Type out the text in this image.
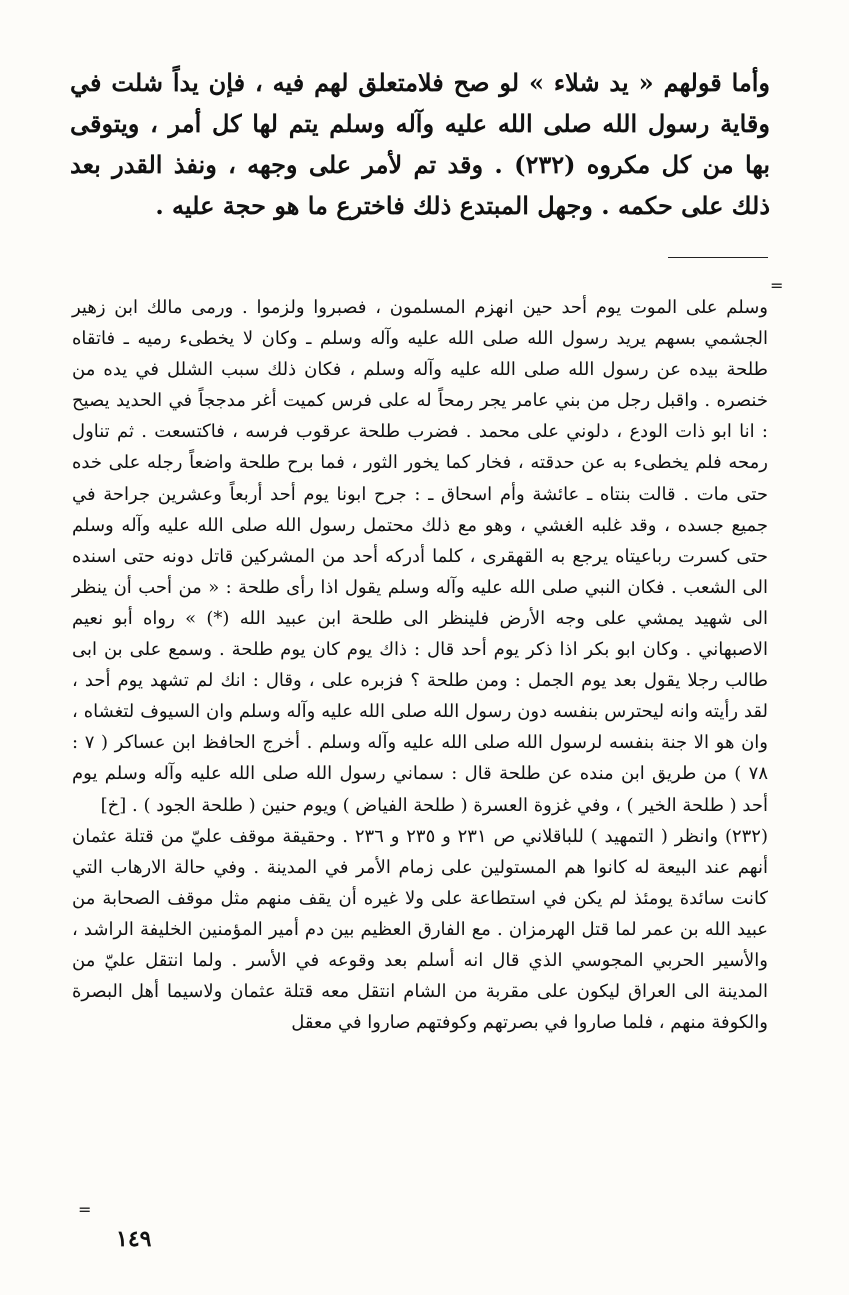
وأما قولهم « يد شلاء » لو صح فلامتعلق لهم فيه ، فإن يداً شلت في وقاية رسول الله صلى الله عليه وآله وسلم يتم لها كل أمر ، ويتوقى بها من كل مكروه (٢٣٢) . وقد تم لأمر على وجهه ، ونفذ القدر بعد ذلك على حكمه . وجهل المبتدع ذلك فاخترع ما هو حجة عليه .
=

وسلم على الموت يوم أحد حين انهزم المسلمون ، فصبروا ولزموا . ورمى مالك ابن زهير الجشمي بسهم يريد رسول الله صلى الله عليه وآله وسلم ـ وكان لا يخطىء رميه ـ فاتقاه طلحة بيده عن رسول الله صلى الله عليه وآله وسلم ، فكان ذلك سبب الشلل في يده من خنصره . واقبل رجل من بني عامر يجر رمحاً له على فرس كميت أغر مدججاً في الحديد يصيح : انا ابو ذات الودع ، دلوني على محمد . فضرب طلحة عرقوب فرسه ، فاكتسعت . ثم تناول رمحه فلم يخطىء به عن حدقته ، فخار كما يخور الثور ، فما برح طلحة واضعاً رجله على خده حتى مات . قالت بنتاه ـ عائشة وأم اسحاق ـ : جرح ابونا يوم أحد أربعاً وعشرين جراحة في جميع جسده ، وقد غلبه الغشي ، وهو مع ذلك محتمل رسول الله صلى الله عليه وآله وسلم حتى كسرت رباعيتاه يرجع به القهقرى ، كلما أدركه أحد من المشركين قاتل دونه حتى اسنده الى الشعب . فكان النبي صلى الله عليه وآله وسلم يقول اذا رأى طلحة : « من أحب أن ينظر الى شهيد يمشي على وجه الأرض فلينظر الى طلحة ابن عبيد الله (*) » رواه أبو نعيم الاصبهاني . وكان ابو بكر اذا ذكر يوم أحد قال : ذاك يوم كان يوم طلحة . وسمع على بن ابى طالب رجلا يقول بعد يوم الجمل : ومن طلحة ؟ فزبره على ، وقال : انك لم تشهد يوم أحد ، لقد رأيته وانه ليحترس بنفسه دون رسول الله صلى الله عليه وآله وسلم وان السيوف لتغشاه ، وان هو الا جنة بنفسه لرسول الله صلى الله عليه وآله وسلم . أخرج الحافظ ابن عساكر ( ٧ : ٧٨ ) من طريق ابن منده عن طلحة قال : سماني رسول الله صلى الله عليه وآله وسلم يوم أحد ( طلحة الخير ) ، وفي غزوة العسرة ( طلحة الفياض ) ويوم حنين ( طلحة الجود ) . [خ]

(٢٣٢) وانظر ( التمهيد ) للباقلاني ص ٢٣١ و ٢٣٥ و ٢٣٦ . وحقيقة موقف عليّ من قتلة عثمان أنهم عند البيعة له كانوا هم المستولين على زمام الأمر في المدينة . وفي حالة الارهاب التي كانت سائدة يومئذ لم يكن في استطاعة على ولا غيره أن يقف منهم مثل موقف الصحابة من عبيد الله بن عمر لما قتل الهرمزان . مع الفارق العظيم بين دم أمير المؤمنين الخليفة الراشد ، والأسير الحربي المجوسي الذي قال انه أسلم بعد وقوعه في الأسر . ولما انتقل عليّ من المدينة الى العراق ليكون على مقربة من الشام انتقل معه قتلة عثمان ولاسيما أهل البصرة والكوفة منهم ، فلما صاروا في بصرتهم وكوفتهم صاروا في معقل

=
١٤٩
